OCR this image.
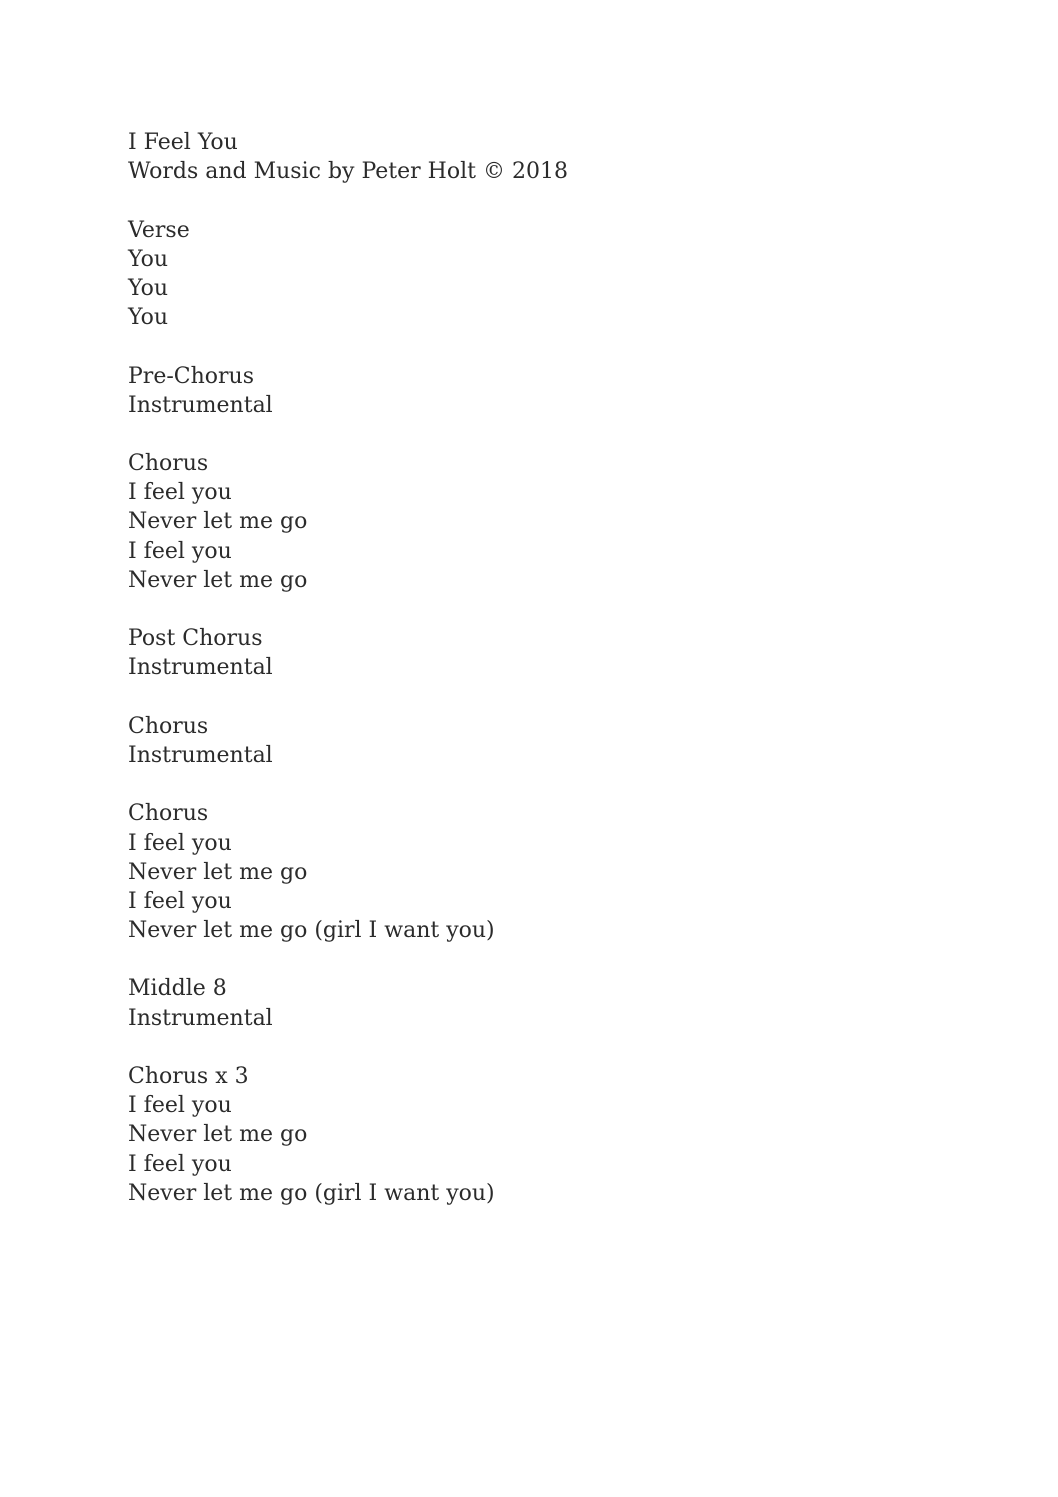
I Feel You
Words and Music by Peter Holt © 2018
Verse
You
You
You
Pre-Chorus
Instrumental
Chorus
I feel you
Never let me go
I feel you
Never let me go
Post Chorus
Instrumental
Chorus
Instrumental
Chorus
I feel you
Never let me go
I feel you
Never let me go (girl I want you)
Middle 8
Instrumental
Chorus x 3
I feel you
Never let me go
I feel you
Never let me go (girl I want you)
